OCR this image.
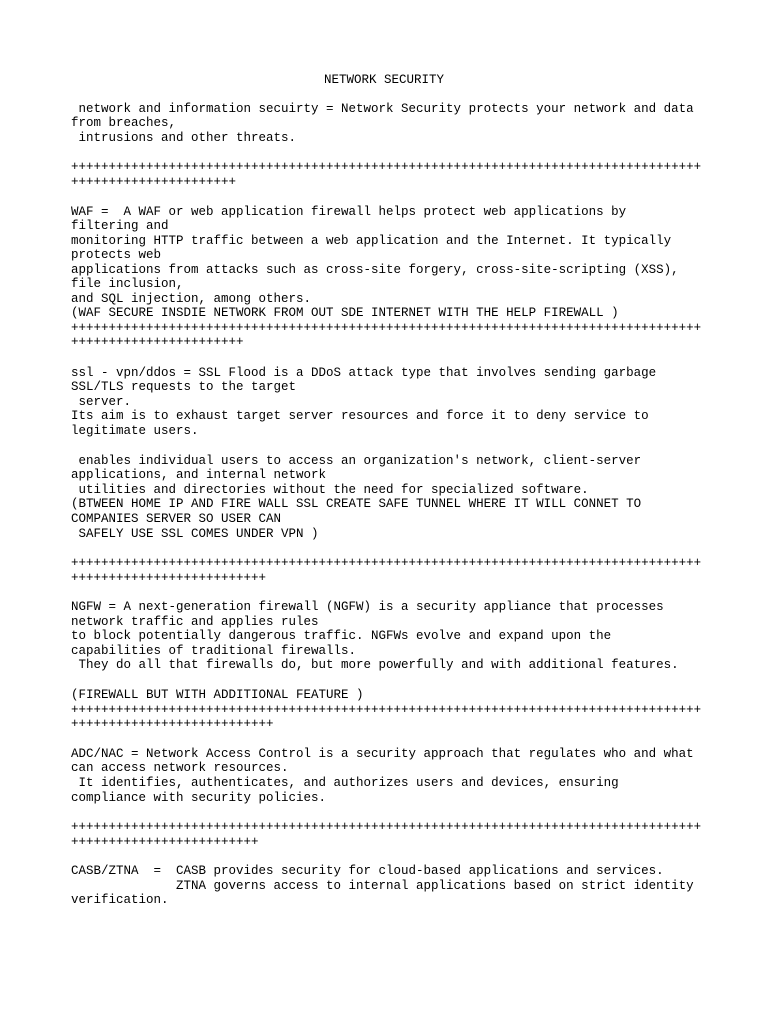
NETWORK SECURITY
network and information secuirty = Network Security protects your network and data
from breaches,
intrusions and other threats.
++++++++++++++++++++++++++++++++++++++++++++++++++++++++++++++++++++++++++++++++++++
++++++++++++++++++++++
WAF =  A WAF or web application firewall helps protect web applications by
filtering and
monitoring HTTP traffic between a web application and the Internet. It typically
protects web
applications from attacks such as cross-site forgery, cross-site-scripting (XSS),
file inclusion,
and SQL injection, among others.
(WAF SECURE INSDIE NETWORK FROM OUT SDE INTERNET WITH THE HELP FIREWALL )
++++++++++++++++++++++++++++++++++++++++++++++++++++++++++++++++++++++++++++++++++++
+++++++++++++++++++++++
ssl - vpn/ddos = SSL Flood is a DDoS attack type that involves sending garbage
SSL/TLS requests to the target
server.
Its aim is to exhaust target server resources and force it to deny service to
legitimate users.
enables individual users to access an organization's network, client-server
applications, and internal network
utilities and directories without the need for specialized software.
(BTWEEN HOME IP AND FIRE WALL SSL CREATE SAFE TUNNEL WHERE IT WILL CONNET TO
COMPANIES SERVER SO USER CAN
SAFELY USE SSL COMES UNDER VPN )
++++++++++++++++++++++++++++++++++++++++++++++++++++++++++++++++++++++++++++++++++++
++++++++++++++++++++++++++
NGFW = A next-generation firewall (NGFW) is a security appliance that processes
network traffic and applies rules
to block potentially dangerous traffic. NGFWs evolve and expand upon the
capabilities of traditional firewalls.
They do all that firewalls do, but more powerfully and with additional features.
(FIREWALL BUT WITH ADDITIONAL FEATURE )
++++++++++++++++++++++++++++++++++++++++++++++++++++++++++++++++++++++++++++++++++++
+++++++++++++++++++++++++++
ADC/NAC = Network Access Control is a security approach that regulates who and what
can access network resources.
It identifies, authenticates, and authorizes users and devices, ensuring
compliance with security policies.
++++++++++++++++++++++++++++++++++++++++++++++++++++++++++++++++++++++++++++++++++++
+++++++++++++++++++++++++
CASB/ZTNA  =  CASB provides security for cloud-based applications and services.
ZTNA governs access to internal applications based on strict identity
verification.
